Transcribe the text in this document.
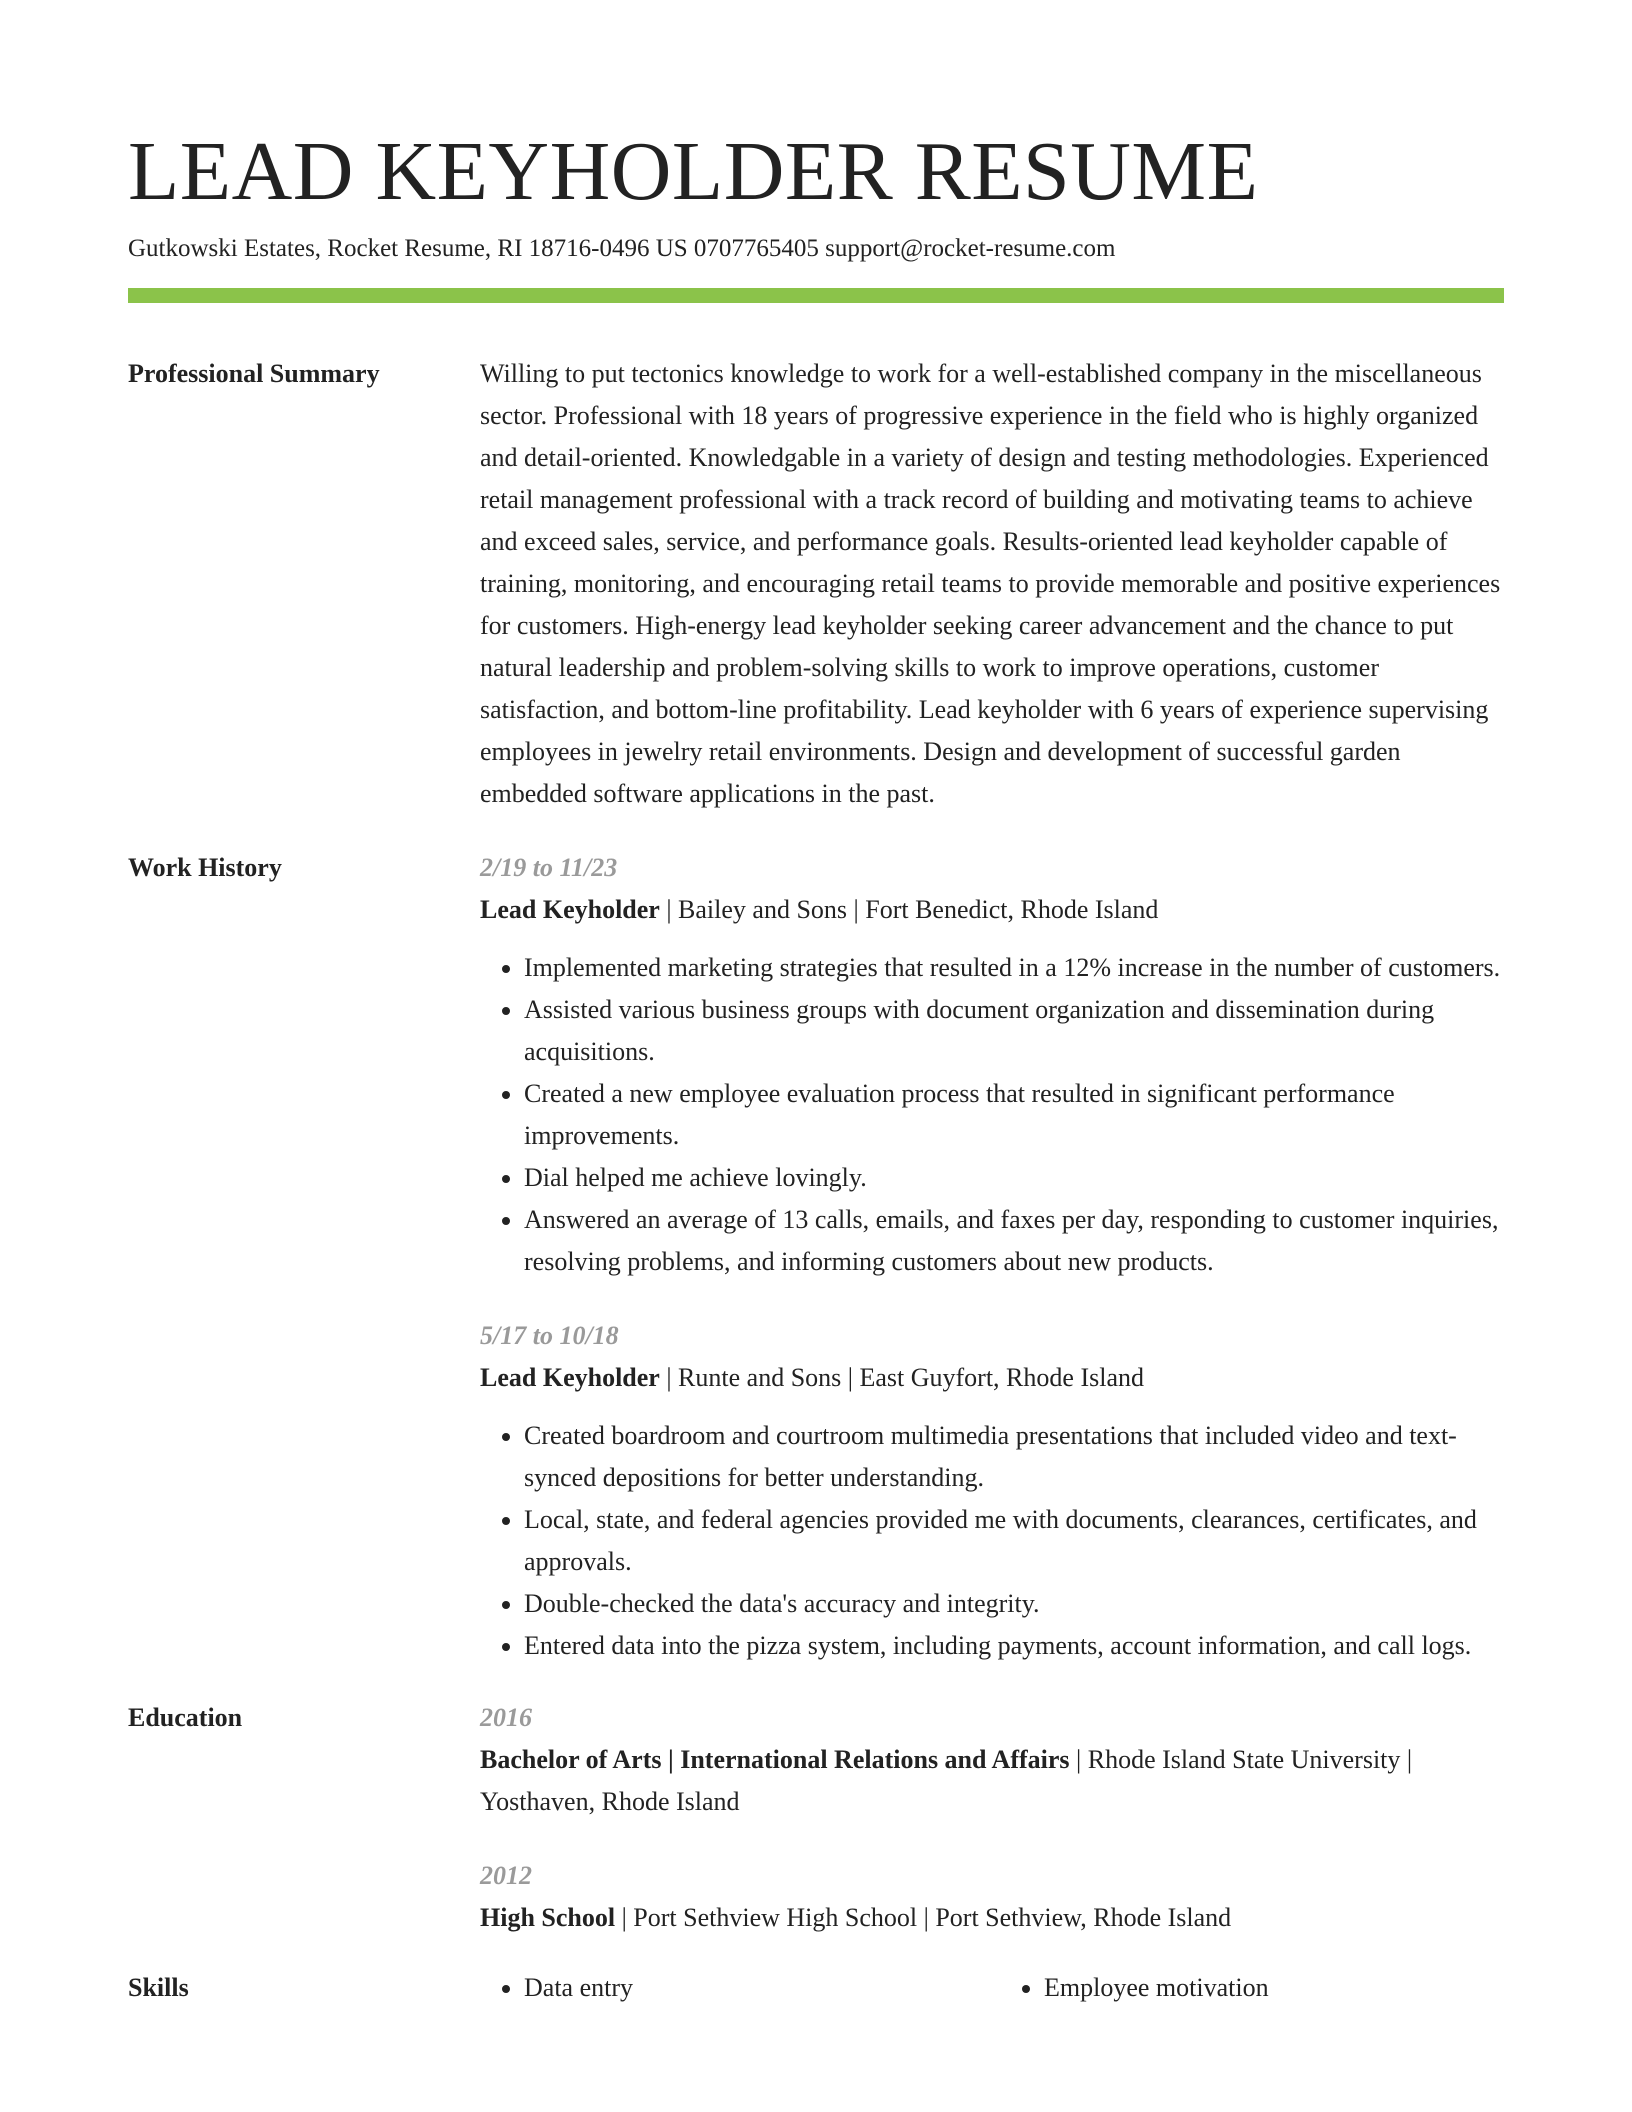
LEAD KEYHOLDER RESUME
Gutkowski Estates, Rocket Resume, RI 18716-0496 US 0707765405 support@rocket-resume.com
Professional Summary	Willing to put tectonics knowledge to work for a well-established company in the miscellaneous sector. Professional with 18 years of progressive experience in the field who is highly organized and detail-oriented. Knowledgable in a variety of design and testing methodologies. Experienced retail management professional with a track record of building and motivating teams to achieve and exceed sales, service, and performance goals. Results-oriented lead keyholder capable of training, monitoring, and encouraging retail teams to provide memorable and positive experiences for customers. High-energy lead keyholder seeking career advancement and the chance to put natural leadership and problem-solving skills to work to improve operations, customer satisfaction, and bottom-line profitability. Lead keyholder with 6 years of experience supervising employees in jewelry retail environments. Design and development of successful garden embedded software applications in the past.
Work History	2/19 to 11/23
Lead Keyholder | Bailey and Sons | Fort Benedict, Rhode Island
• Implemented marketing strategies that resulted in a 12% increase in the number of customers.
• Assisted various business groups with document organization and dissemination during acquisitions.
• Created a new employee evaluation process that resulted in significant performance improvements.
• Dial helped me achieve lovingly.
• Answered an average of 13 calls, emails, and faxes per day, responding to customer inquiries, resolving problems, and informing customers about new products.
5/17 to 10/18
Lead Keyholder | Runte and Sons | East Guyfort, Rhode Island
• Created boardroom and courtroom multimedia presentations that included video and text-synced depositions for better understanding.
• Local, state, and federal agencies provided me with documents, clearances, certificates, and approvals.
• Double-checked the data's accuracy and integrity.
• Entered data into the pizza system, including payments, account information, and call logs.
Education	2016
Bachelor of Arts | International Relations and Affairs | Rhode Island State University | Yosthaven, Rhode Island
2012
High School | Port Sethview High School | Port Sethview, Rhode Island
Skills	• Data entry	• Employee motivation
